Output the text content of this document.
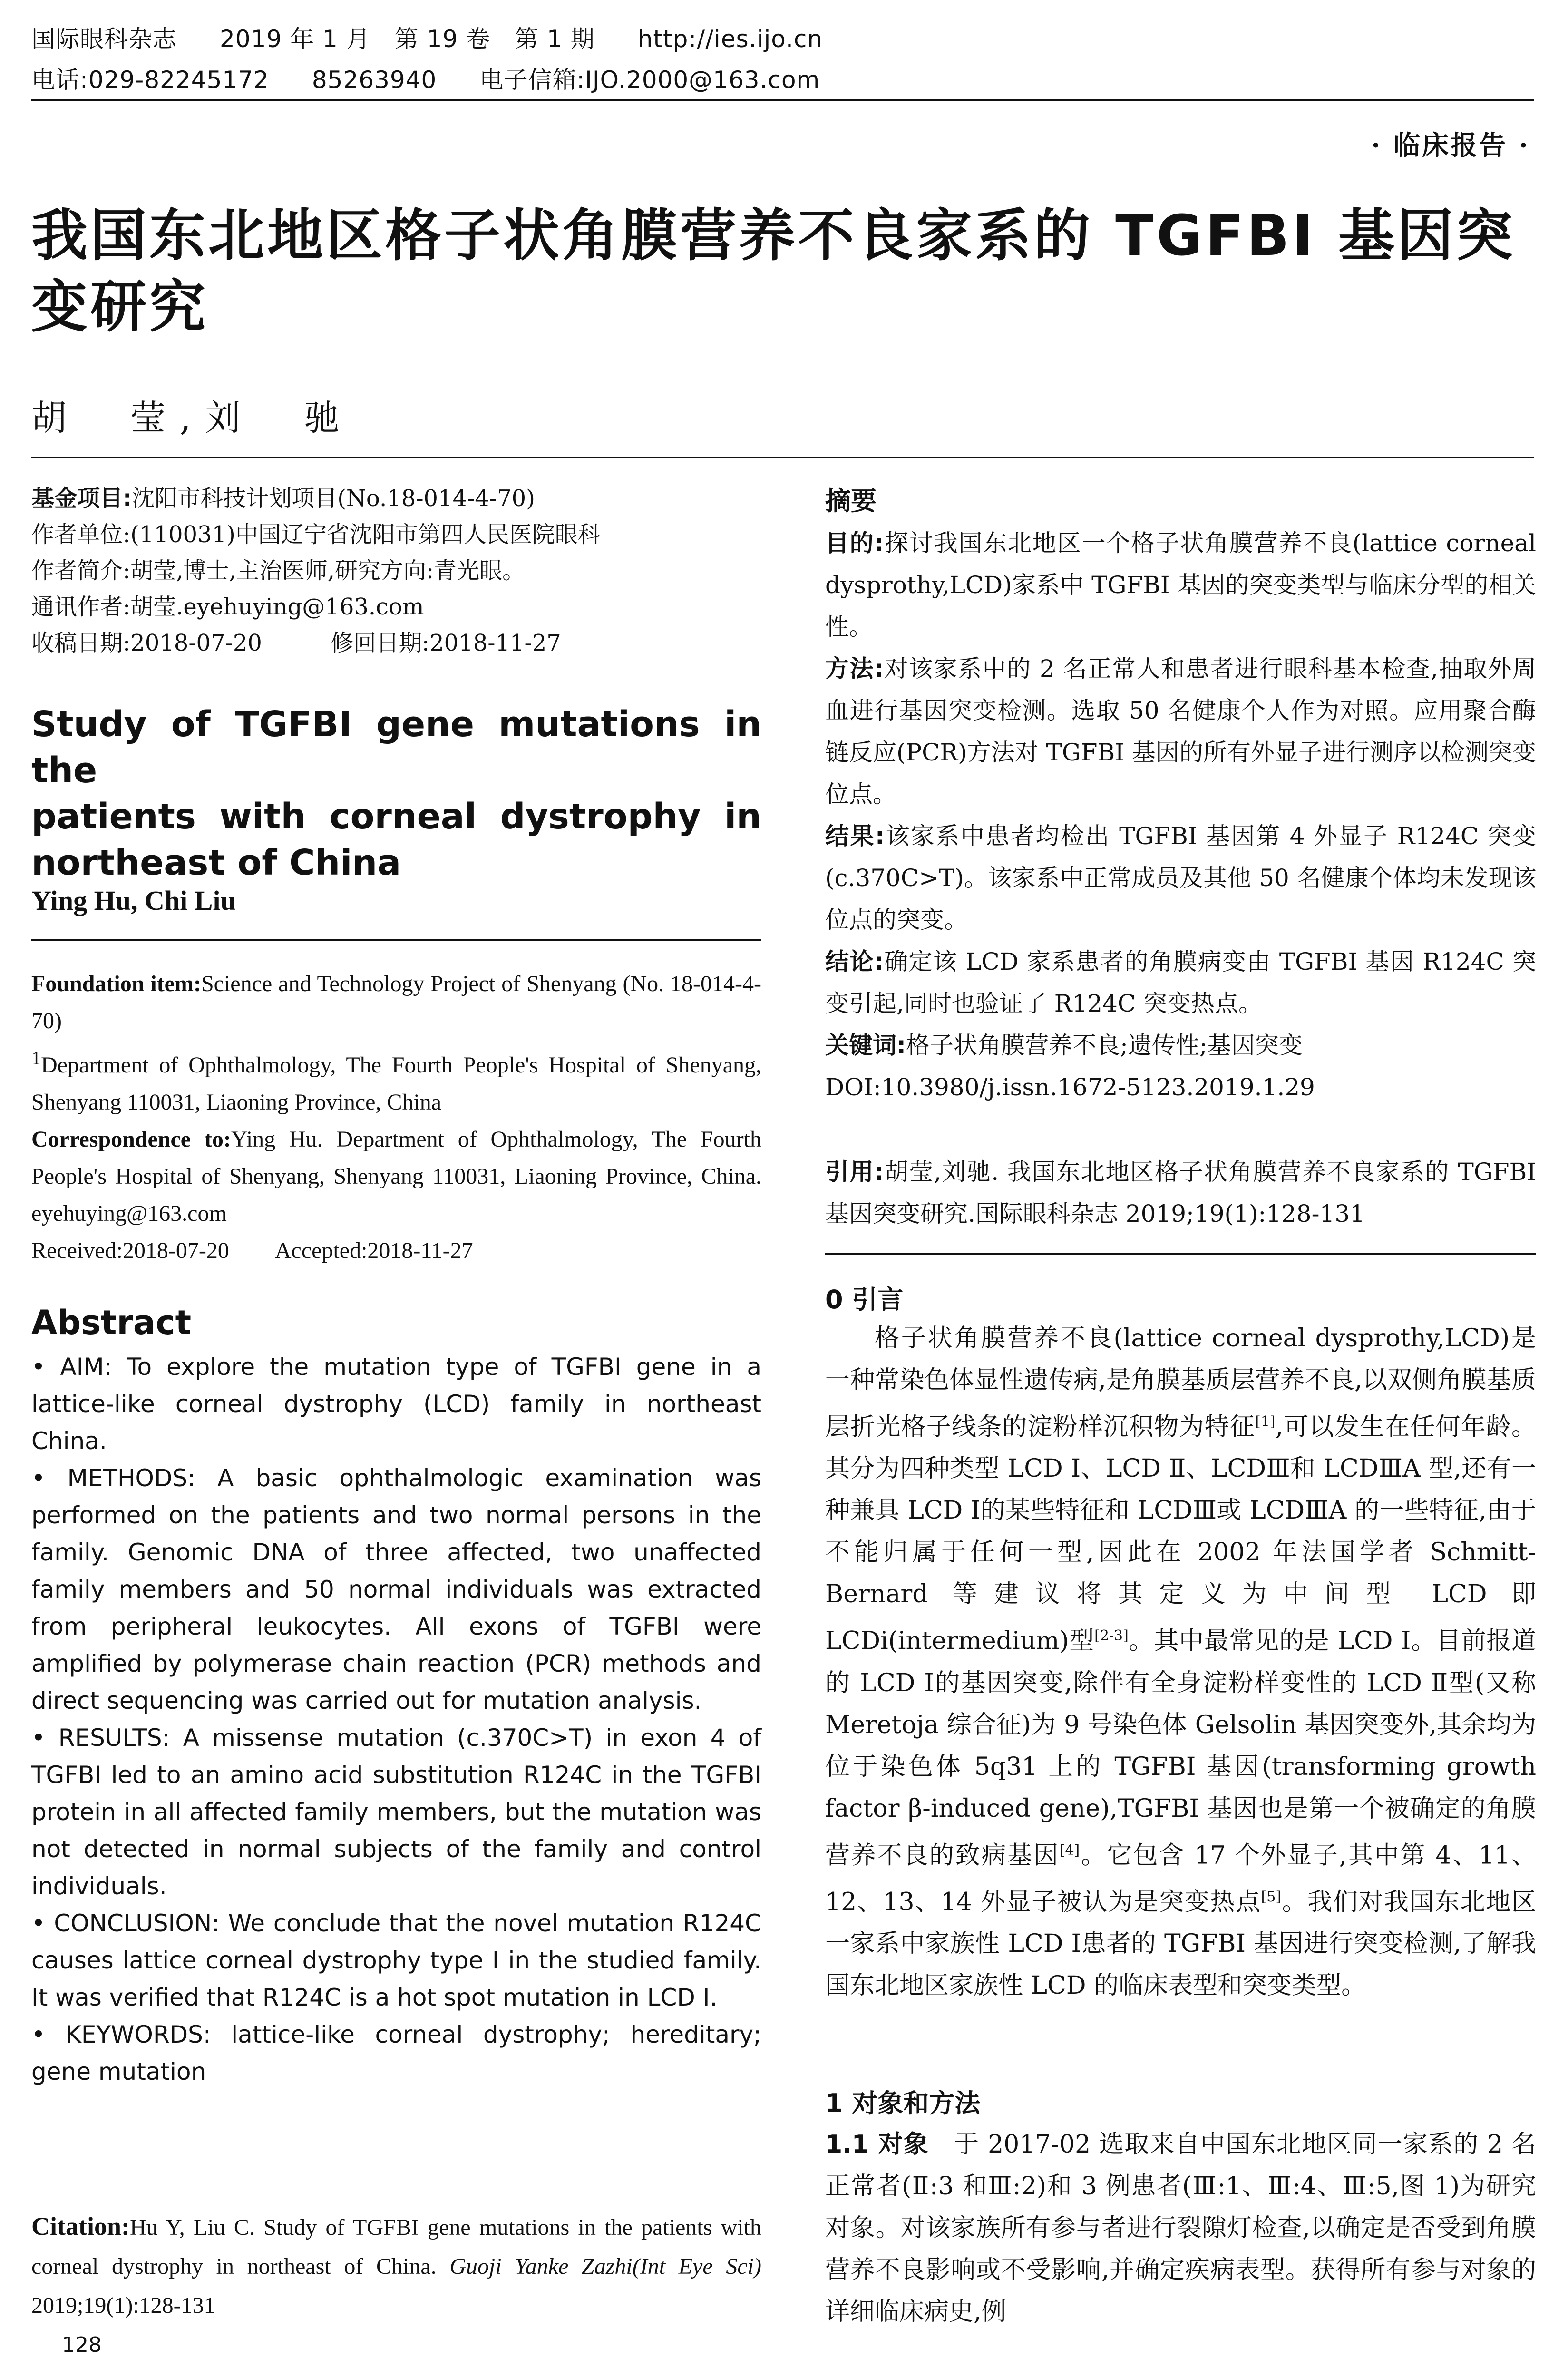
国际眼科杂志 2019 年 1 月　第 19 卷　第 1 期 http://ies.ijo.cn
电话:029-82245172 85263940 电子信箱:IJO.2000@163.com
· 临床报告 ·
我国东北地区格子状角膜营养不良家系的 TGFBI 基因突变研究
胡　莹,刘　驰
基金项目:沈阳市科技计划项目(No.18-014-4-70)
作者单位:(110031)中国辽宁省沈阳市第四人民医院眼科
作者简介:胡莹,博士,主治医师,研究方向:青光眼。
通讯作者:胡莹.eyehuying@163.com
收稿日期:2018-07-20　　　修回日期:2018-11-27
Study of TGFBI gene mutations in the
patients with corneal dystrophy in
northeast of China
Ying Hu, Chi Liu
Foundation item:Science and Technology Project of Shenyang (No. 18-014-4-70)
$^1$Department of Ophthalmology, The Fourth People's Hospital of Shenyang, Shenyang 110031, Liaoning Province, China
Correspondence to:Ying Hu. Department of Ophthalmology, The Fourth People's Hospital of Shenyang, Shenyang 110031, Liaoning Province, China. eyehuying@163.com
Received:2018-07-20　　Accepted:2018-11-27
Abstract
• AIM: To explore the mutation type of TGFBI gene in a lattice-like corneal dystrophy (LCD) family in northeast China.
• METHODS: A basic ophthalmologic examination was performed on the patients and two normal persons in the family. Genomic DNA of three affected, two unaffected family members and 50 normal individuals was extracted from peripheral leukocytes. All exons of TGFBI were amplified by polymerase chain reaction (PCR) methods and direct sequencing was carried out for mutation analysis.
• RESULTS: A missense mutation (c.370C>T) in exon 4 of TGFBI led to an amino acid substitution R124C in the TGFBI protein in all affected family members, but the mutation was not detected in normal subjects of the family and control individuals.
• CONCLUSION: We conclude that the novel mutation R124C causes lattice corneal dystrophy type I in the studied family. It was verified that R124C is a hot spot mutation in LCD I.
• KEYWORDS: lattice-like corneal dystrophy; hereditary; gene mutation
Citation:Hu Y, Liu C. Study of TGFBI gene mutations in the patients with corneal dystrophy in northeast of China. Guoji Yanke Zazhi(Int Eye Sci) 2019;19(1):128-131
128
摘要
目的:探讨我国东北地区一个格子状角膜营养不良(lattice corneal dysprothy,LCD)家系中 TGFBI 基因的突变类型与临床分型的相关性。
方法:对该家系中的 2 名正常人和患者进行眼科基本检查,抽取外周血进行基因突变检测。选取 50 名健康个人作为对照。应用聚合酶链反应(PCR)方法对 TGFBI 基因的所有外显子进行测序以检测突变位点。
结果:该家系中患者均检出 TGFBI 基因第 4 外显子 R124C 突变(c.370C>T)。该家系中正常成员及其他 50 名健康个体均未发现该位点的突变。
结论:确定该 LCD 家系患者的角膜病变由 TGFBI 基因 R124C 突变引起,同时也验证了 R124C 突变热点。
关键词:格子状角膜营养不良;遗传性;基因突变
DOI:10.3980/j.issn.1672-5123.2019.1.29
引用:胡莹,刘驰. 我国东北地区格子状角膜营养不良家系的 TGFBI 基因突变研究.国际眼科杂志 2019;19(1):128-131
0 引言
格子状角膜营养不良(lattice corneal dysprothy,LCD)是一种常染色体显性遗传病,是角膜基质层营养不良,以双侧角膜基质层折光格子线条的淀粉样沉积物为特征[1],可以发生在任何年龄。其分为四种类型 LCD Ⅰ、LCD Ⅱ、LCDⅢ和 LCDⅢA 型,还有一种兼具 LCD Ⅰ的某些特征和 LCDⅢ或 LCDⅢA 的一些特征,由于不能归属于任何一型,因此在 2002 年法国学者 Schmitt-Bernard 等建议将其定义为中间型 LCD 即 LCDi(intermedium)型[2-3]。其中最常见的是 LCD Ⅰ。目前报道的 LCD Ⅰ的基因突变,除伴有全身淀粉样变性的 LCD Ⅱ型(又称 Meretoja 综合征)为 9 号染色体 Gelsolin 基因突变外,其余均为位于染色体 5q31 上的 TGFBI 基因(transforming growth factor β-induced gene),TGFBI 基因也是第一个被确定的角膜营养不良的致病基因[4]。它包含 17 个外显子,其中第 4、11、12、13、14 外显子被认为是突变热点[5]。我们对我国东北地区一家系中家族性 LCD Ⅰ患者的 TGFBI 基因进行突变检测,了解我国东北地区家族性 LCD 的临床表型和突变类型。
1 对象和方法
1.1 对象　于 2017-02 选取来自中国东北地区同一家系的 2 名正常者(Ⅱ:3 和Ⅲ:2)和 3 例患者(Ⅲ:1、Ⅲ:4、Ⅲ:5,图 1)为研究对象。对该家族所有参与者进行裂隙灯检查,以确定是否受到角膜营养不良影响或不受影响,并确定疾病表型。获得所有参与对象的详细临床病史,例
